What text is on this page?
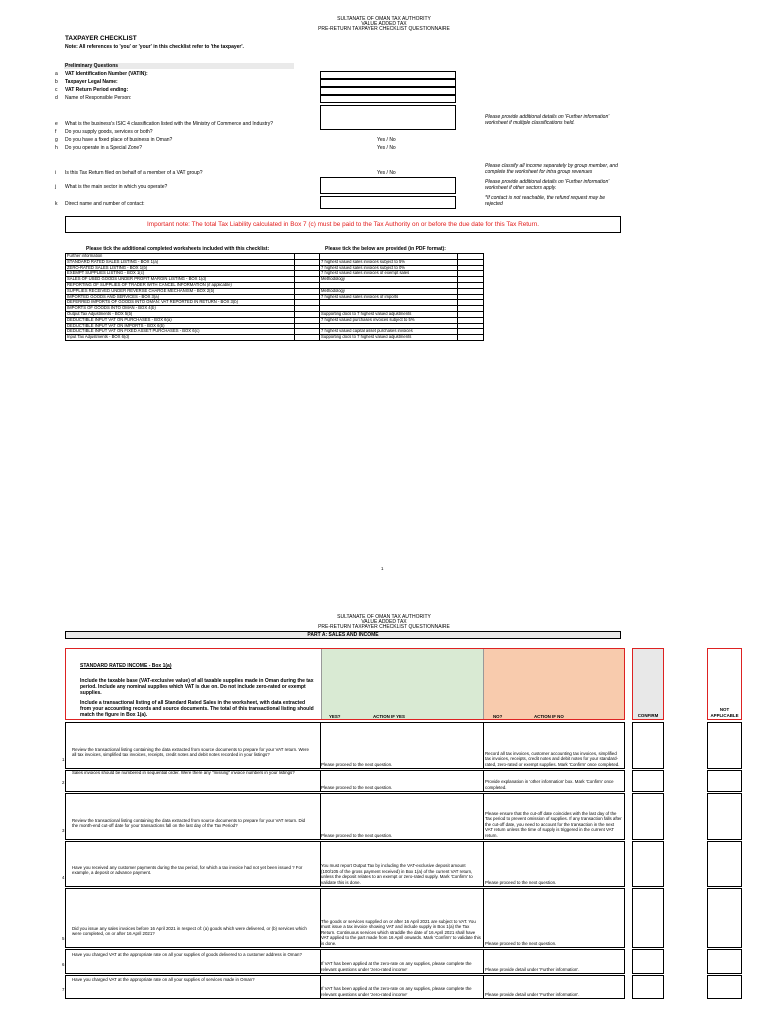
SULTANATE OF OMAN TAX AUTHORITY
VALUE ADDED TAX
PRE-RETURN TAXPAYER CHECKLIST QUESTIONNAIRE
TAXPAYER CHECKLIST
Note: All references to 'you' or 'your' in this checklist refer to 'the taxpayer'.
Preliminary Questions
a VAT Identification Number (VATIN):
b Taxpayer Legal Name:
c VAT Return Period ending:
d Name of Responsible Person:
e What is the business's ISIC 4 classification listed with the Ministry of Commerce and Industry?
f Do you supply goods, services or both?
g Do you have a fixed place of business in Oman?	Yes / No
h Do you operate in a Special Zone?	Yes / No
Please provide additional details on 'Further information' worksheet if multiple classifications held.
i Is this Tax Return filed on behalf of a member of a VAT group?	Yes / No
j What is the main sector in which you operate?
k Direct name and number of contact:
Please classify all income separately by group member, and complete the worksheet for intra group revenues
Please provide additional details on 'Further information' worksheet if other sectors apply.
*If contact is not reachable, the refund request may be rejected
Important note: The total Tax Liability calculated in Box 7 (c) must be paid to the Tax Authority on or before the due date for this Tax Return.
Please tick the additional completed worksheets included with this checklist:	Please tick the below are provided (in PDF format):
Further information			
STANDARD RATED SALES LISTING - BOX 1(a)		7 highest valued sales invoices subject to 5%	
ZERO-RATED SALES LISTING - BOX 1(b)		7 highest valued sales invoices subject to 0%	
EXEMPT SUPPLIES LISTING - BOX 1(c)		7 highest valued sales invoices of exempt sales	
SALES OF USED GOODS UNDER PROFIT MARGIN LISTING - BOX 1(d)		Methodology	
REPORTING OF SUPPLIES OF TRADER WITH CANCEL INFORMATION (if applicable)			
SUPPLIES RECEIVED UNDER REVERSE CHARGE MECHANISM - BOX 2(b)		Methodology	
IMPORTED GOODS AND SERVICES - BOX 3(a)		7 highest valued sales invoices of imports	
DEFERRED IMPORTS OF GOODS INTO OMAN: VAT REPORTED IN RETURN - BOX 3(b)			
IMPORTS OF GOODS INTO OMAN - BOX 4(b)			
Output Tax Adjustments - BOX 5(b)		Supporting docs to 7 highest valued adjustments	
DEDUCTIBLE INPUT VAT ON PURCHASES - BOX 6(a)		7 highest valued purchases invoices subject to 5%	
DEDUCTIBLE INPUT VAT ON IMPORTS - BOX 6(b)			
DEDUCTIBLE INPUT VAT ON FIXED ASSET PURCHASES - BOX 6(c)		7 highest valued capital asset purchases invoices	
Input Tax Adjustments - BOX 6(d)		Supporting docs to 7 highest valued adjustments	
1
SULTANATE OF OMAN TAX AUTHORITY
VALUE ADDED TAX
PRE-RETURN TAXPAYER CHECKLIST QUESTIONNAIRE
PART A: SALES AND INCOME
STANDARD RATED INCOME - Box 1(a)
Include the taxable base (VAT-exclusive value) of all taxable supplies made in Oman during the tax period. Include any nominal supplies which VAT is due on. Do not include zero-rated or exempt supplies.
Include a transactional listing of all Standard Rated Sales in the worksheet, with data extracted from your accounting records and source documents. The total of this transactional listing should match the figure in Box 1(a).	YES?	ACTION IF YES	NO?	ACTION IF NO	CONFIRM
NOT APPLICABLE
1
Review the transactional listing containing the data extracted from source documents to prepare for your VAT return. Were all tax invoices, simplified tax invoices, receipts, credit notes and debit notes recorded in your listings?
Please proceed to the next question.
Record all tax invoices, customer accounting tax invoices, simplified tax invoices, receipts, credit notes and debit notes for your standard-rated, zero-rated or exempt supplies. Mark 'Confirm' once completed.
2
Sales invoices should be numbered in sequential order. Were there any "missing" invoice numbers in your listings?
Please proceed to the next question.
Provide explanation in 'other information' box. Mark 'Confirm' once completed.
3
Review the transactional listing containing the data extracted from source documents to prepare for your VAT return. Did the month-end cut-off date for your transactions fall on the last day of the Tax Period?
Please proceed to the next question.
Please ensure that the cut-off date coincides with the last day of the Tax period to prevent omission of supplies. If any transaction falls after the cut-off date, you need to account for the transaction in the next VAT return unless the time of supply is triggered in the current VAT return.
4
Have you received any customer payments during the tax period, for which a tax invoice had not yet been issued ? For example, a deposit or advance payment.
You must report Output Tax by including the VAT-exclusive deposit amount (100/105 of the gross payment received) in Box 1(a) of the current VAT return, unless the deposit relates to an exempt or zero-rated supply. Mark 'Confirm' to validate this is done.	Please proceed to the next question.
5
Did you issue any sales invoices before 16 April 2021 in respect of: (a) goods which were delivered, or (b) services which were completed, on or after 16 April 2021?
The goods or services supplied on or after 16 April 2021 are subject to VAT. You must issue a tax invoice showing VAT and include supply in Box 1(a) the Tax Return. Continuous services which straddle the date of 16 April 2021 shall have VAT applied to the part made from 16 April onwards. Mark 'Confirm' to validate this is done.	Please proceed to the next question.
6
Have you charged VAT at the appropriate rate on all your supplies of goods delivered to a customer address in Oman?
If VAT has been applied at the zero-rate on any supplies, please complete the relevant questions under 'zero-rated income'	Please provide detail under 'Further information'.
7
Have you charged VAT at the appropriate rate on all your supplies of services made in Oman?
If VAT has been applied at the zero-rate on any supplies, please complete the relevant questions under 'zero-rated income'	Please provide detail under 'Further information'.
